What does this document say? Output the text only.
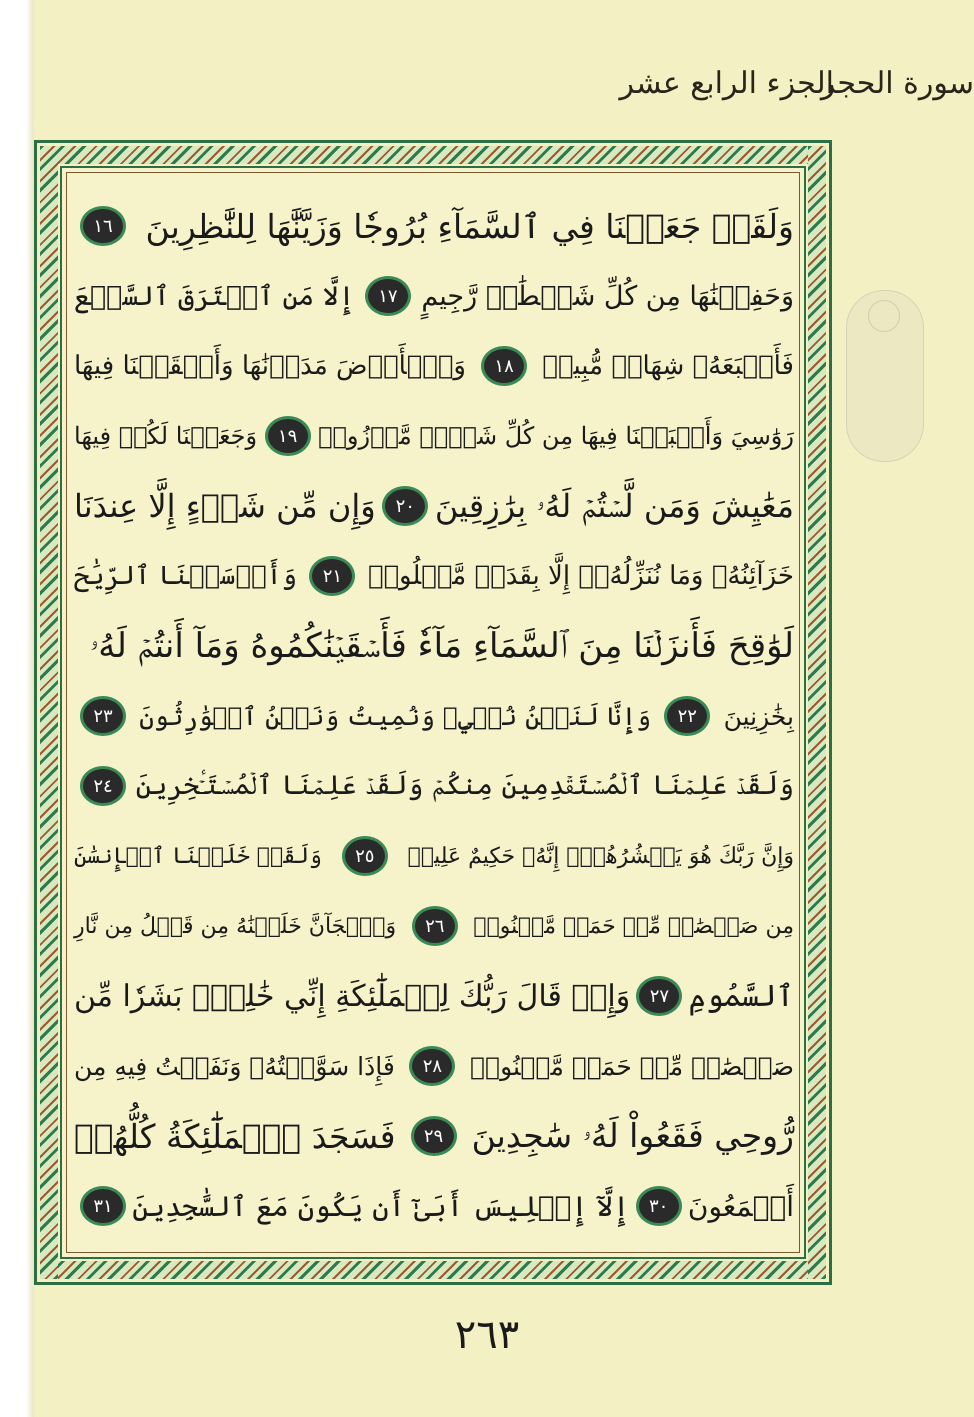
الجزء الرابع عشر
سورة الحجر
وَلَقَدۡ جَعَلۡنَا فِي ٱلسَّمَآءِ بُرُوجٗا وَزَيَّنَّٰهَا لِلنَّٰظِرِينَ
١٦
وَحَفِظۡنَٰهَا مِن كُلِّ شَيۡطَٰنٖ رَّجِيمٍ
١٧
إِلَّا مَنِ ٱسۡتَرَقَ ٱلسَّمۡعَ
فَأَتۡبَعَهُۥ شِهَابٞ مُّبِينٞ
١٨
وَٱلۡأَرۡضَ مَدَدۡنَٰهَا وَأَلۡقَيۡنَا فِيهَا
رَوَٰسِيَ وَأَنۢبَتۡنَا فِيهَا مِن كُلِّ شَيۡءٖ مَّوۡزُونٖ
١٩
وَجَعَلۡنَا لَكُمۡ فِيهَا
مَعَٰيِشَ وَمَن لَّسۡتُمۡ لَهُۥ بِرَٰزِقِينَ
٢٠
وَإِن مِّن شَيۡءٍ إِلَّا عِندَنَا
خَزَآئِنُهُۥ وَمَا نُنَزِّلُهُۥٓ إِلَّا بِقَدَرٖ مَّعۡلُومٖ
٢١
وَأَرۡسَلۡنَا ٱلرِّيَٰحَ
لَوَٰقِحَ فَأَنزَلۡنَا مِنَ ٱلسَّمَآءِ مَآءٗ فَأَسۡقَيۡنَٰكُمُوهُ وَمَآ أَنتُمۡ لَهُۥ
بِخَٰزِنِينَ
٢٢
وَإِنَّا لَنَحۡنُ نُحۡيِۦ وَنُمِيتُ وَنَحۡنُ ٱلۡوَٰرِثُونَ
٢٣
وَلَقَدۡ عَلِمۡنَا ٱلۡمُسۡتَقۡدِمِينَ مِنكُمۡ وَلَقَدۡ عَلِمۡنَا ٱلۡمُسۡتَـٔۡخِرِينَ
٢٤
وَإِنَّ رَبَّكَ هُوَ يَحۡشُرُهُمۡۚ إِنَّهُۥ حَكِيمٌ عَلِيمٞ
٢٥
وَلَقَدۡ خَلَقۡنَا ٱلۡإِنسَٰنَ
مِن صَلۡصَٰلٖ مِّنۡ حَمَإٖ مَّسۡنُونٖ
٢٦
وَٱلۡجَآنَّ خَلَقۡنَٰهُ مِن قَبۡلُ مِن نَّارِ
ٱلسَّمُومِ
٢٧
وَإِذۡ قَالَ رَبُّكَ لِلۡمَلَٰٓئِكَةِ إِنِّي خَٰلِقُۢ بَشَرٗا مِّن
صَلۡصَٰلٖ مِّنۡ حَمَإٖ مَّسۡنُونٖ
٢٨
فَإِذَا سَوَّيۡتُهُۥ وَنَفَخۡتُ فِيهِ مِن
رُّوحِي فَقَعُواْ لَهُۥ سَٰجِدِينَ
٢٩
فَسَجَدَ ٱلۡمَلَٰٓئِكَةُ كُلُّهُمۡ
أَجۡمَعُونَ
٣٠
إِلَّآ إِبۡلِيسَ أَبَىٰٓ أَن يَكُونَ مَعَ ٱلسَّٰجِدِينَ
٣١
٢٦٣
